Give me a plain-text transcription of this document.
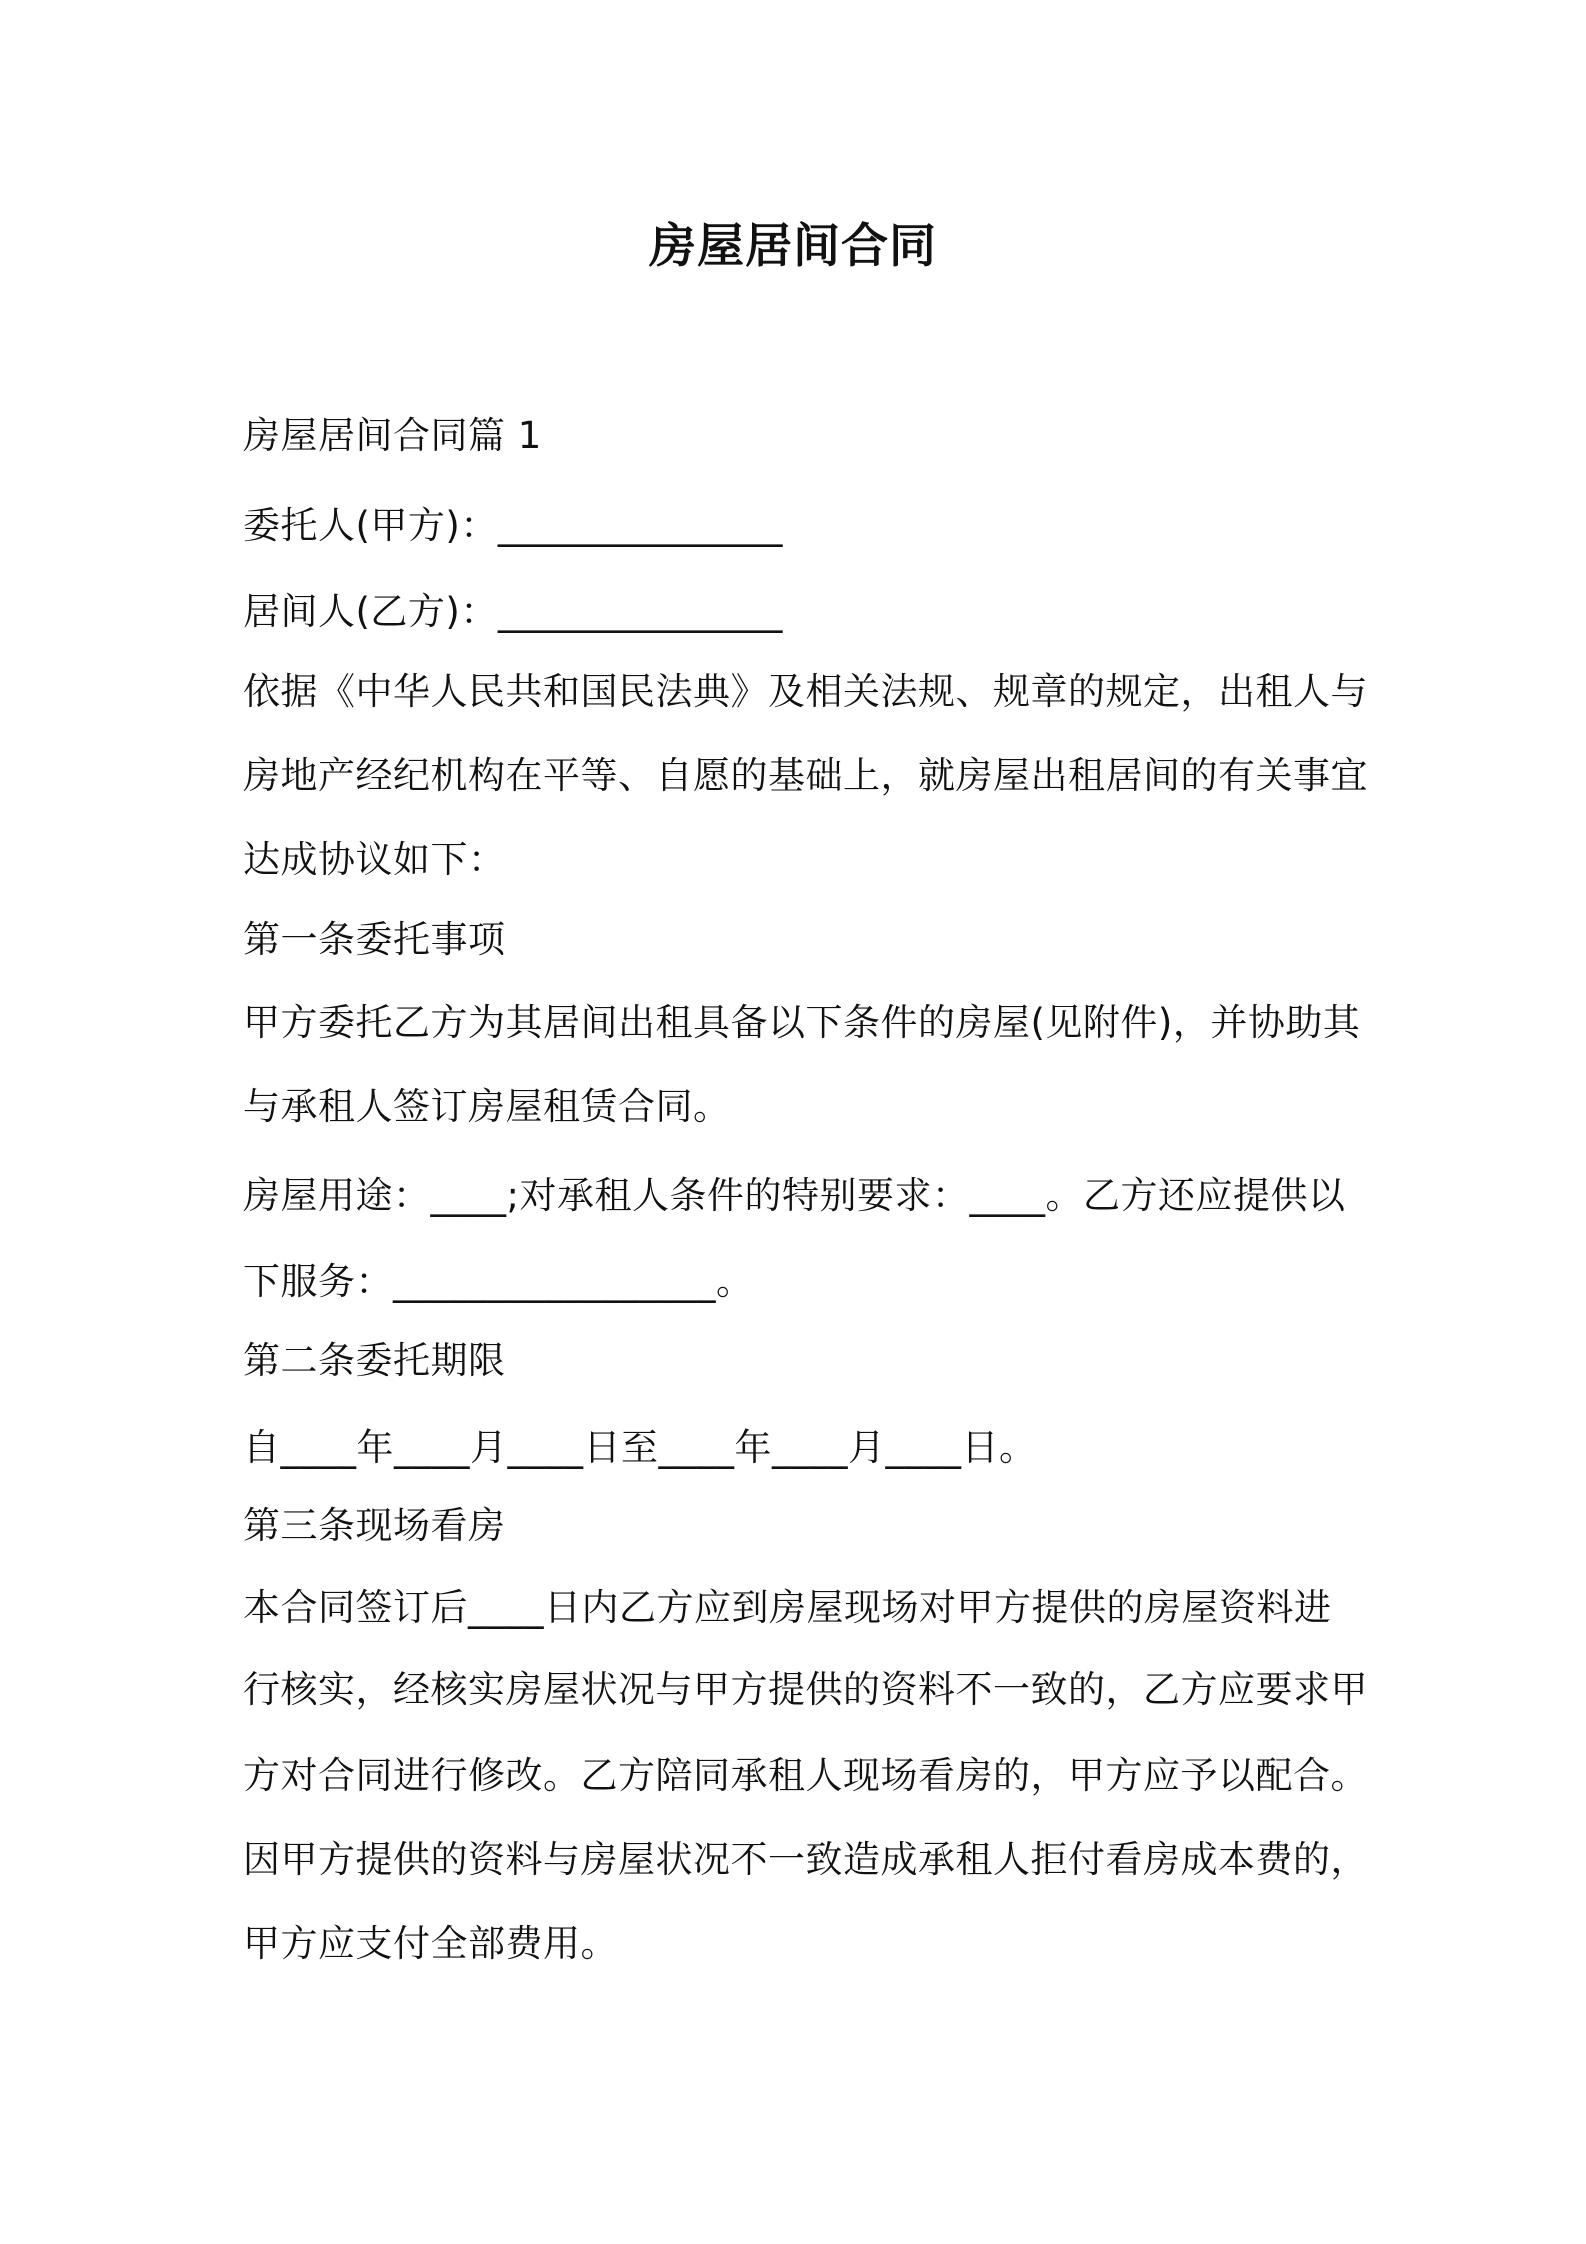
房屋居间合同
房屋居间合同篇 1
委托人(甲方)：_______________
居间人(乙方)：_______________
依据《中华人民共和国民法典》及相关法规、规章的规定，出租人与
房地产经纪机构在平等、自愿的基础上，就房屋出租居间的有关事宜
达成协议如下：
第一条委托事项
甲方委托乙方为其居间出租具备以下条件的房屋(见附件)，并协助其
与承租人签订房屋租赁合同。
房屋用途：____;对承租人条件的特别要求：____。乙方还应提供以
下服务：_________________。
第二条委托期限
自____年____月____日至____年____月____日。
第三条现场看房
本合同签订后____日内乙方应到房屋现场对甲方提供的房屋资料进
行核实，经核实房屋状况与甲方提供的资料不一致的，乙方应要求甲
方对合同进行修改。乙方陪同承租人现场看房的，甲方应予以配合。
因甲方提供的资料与房屋状况不一致造成承租人拒付看房成本费的，
甲方应支付全部费用。
